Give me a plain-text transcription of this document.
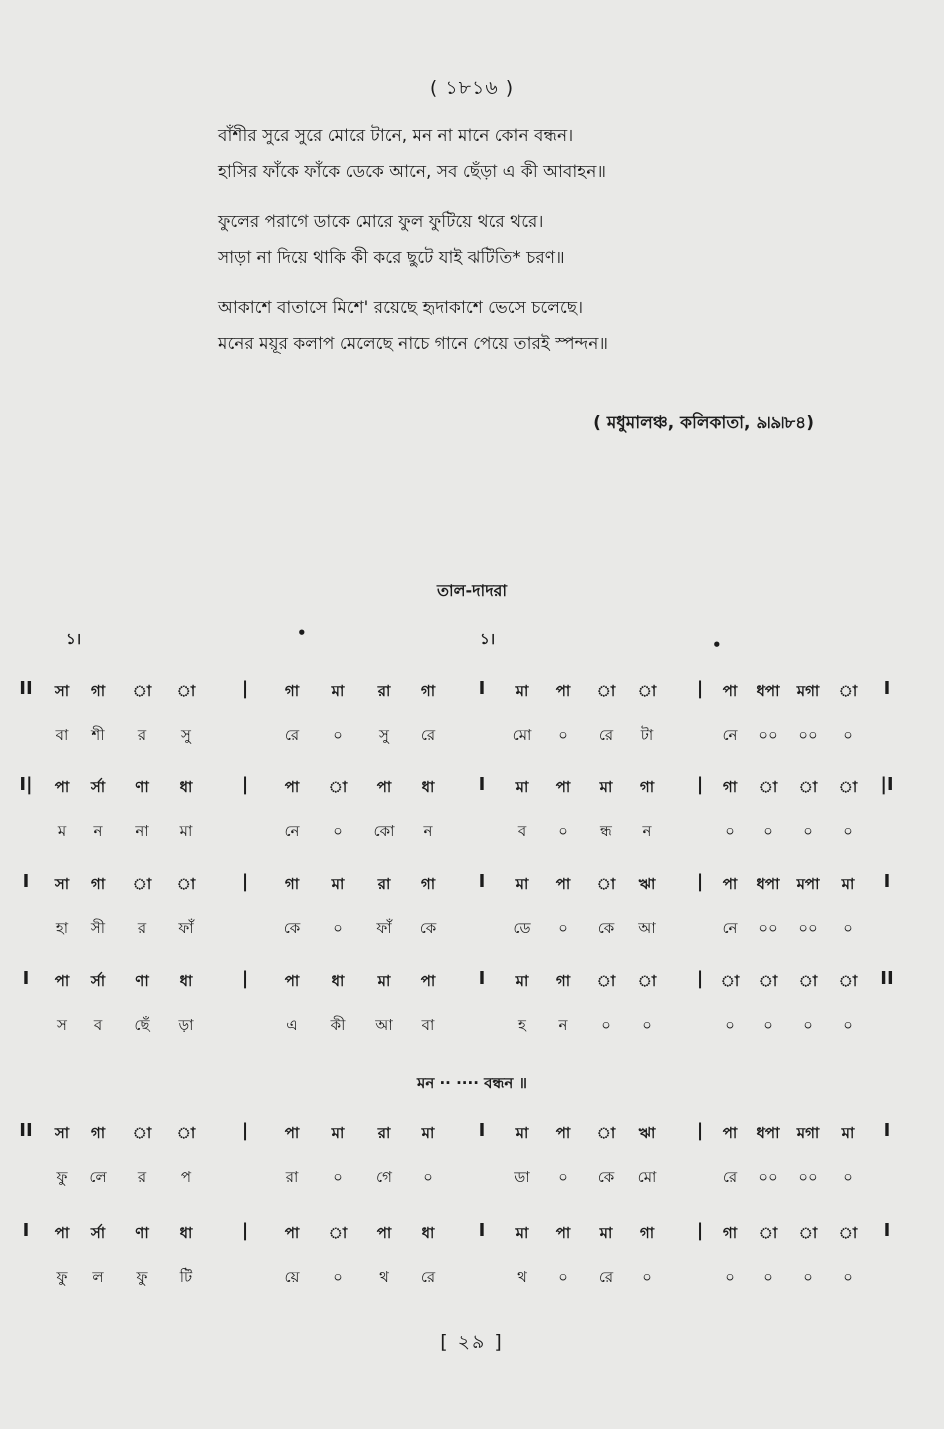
( ১৮১৬ )
বাঁশীর সুরে সুরে মোরে টানে, মন না মানে কোন বন্ধন।
হাসির ফাঁকে ফাঁকে ডেকে আনে, সব ছেঁড়া এ কী আবাহন॥
ফুলের পরাগে ডাকে মোরে ফুল ফুটিয়ে থরে থরে।
সাড়া না দিয়ে থাকি কী করে ছুটে যাই ঝটিতি* চরণ॥
আকাশে বাতাসে মিশে' রয়েছে হৃদাকাশে ভেসে চলেছে।
মনের ময়ূর কলাপ মেলেছে নাচে গানে পেয়ে তারই স্পন্দন॥
( মধুমালঞ্চ, কলিকাতা, ৯৷৯৷৮৪)
তাল-দাদরা
১।	•	১।	•
II	I
সা গা া া	| গা মা রা গা I মা পা া া | পা ধপা মগা া
বা শী র সু	রে ০ সু রে	মো ০ রে টা	নে ০০ ০০ ০
I|	|I
পা র্সা ণা ধা	| পা া পা ধা I মা পা মা গা | গা া া া
ম ন না মা	নে ০ কো ন	ব ০ ন্ধ ন	০ ০ ০ ০
I	I
সা গা া া	| গা মা রা গা I মা পা া ঋা | পা ধপা মপা মা
হা সী র ফাঁ	কে ০ ফাঁ কে	ডে ০ কে আ	নে ০০ ০০ ০
I	II
পা র্সা ণা ধা	| পা ধা মা পা I মা গা া া | া া া া
স ব ছেঁ ড়া	এ কী আ বা	হ ন ০ ০	০ ০ ০ ০
II	I
সা গা া া	| পা মা রা মা I মা পা া ঋা | পা ধপা মগা মা
ফু লে র প	রা ০ গে ০	ডা ০ কে মো	রে ০০ ০০ ০
I	I
পা র্সা ণা ধা	| পা া পা ধা I মা পা মা গা | গা া া া
ফু ল ফু টি	য়ে ০ থ রে	থ ০ রে ০	০ ০ ০ ০
মন ·· ···· বন্ধন ॥
[ ২৯ ]
